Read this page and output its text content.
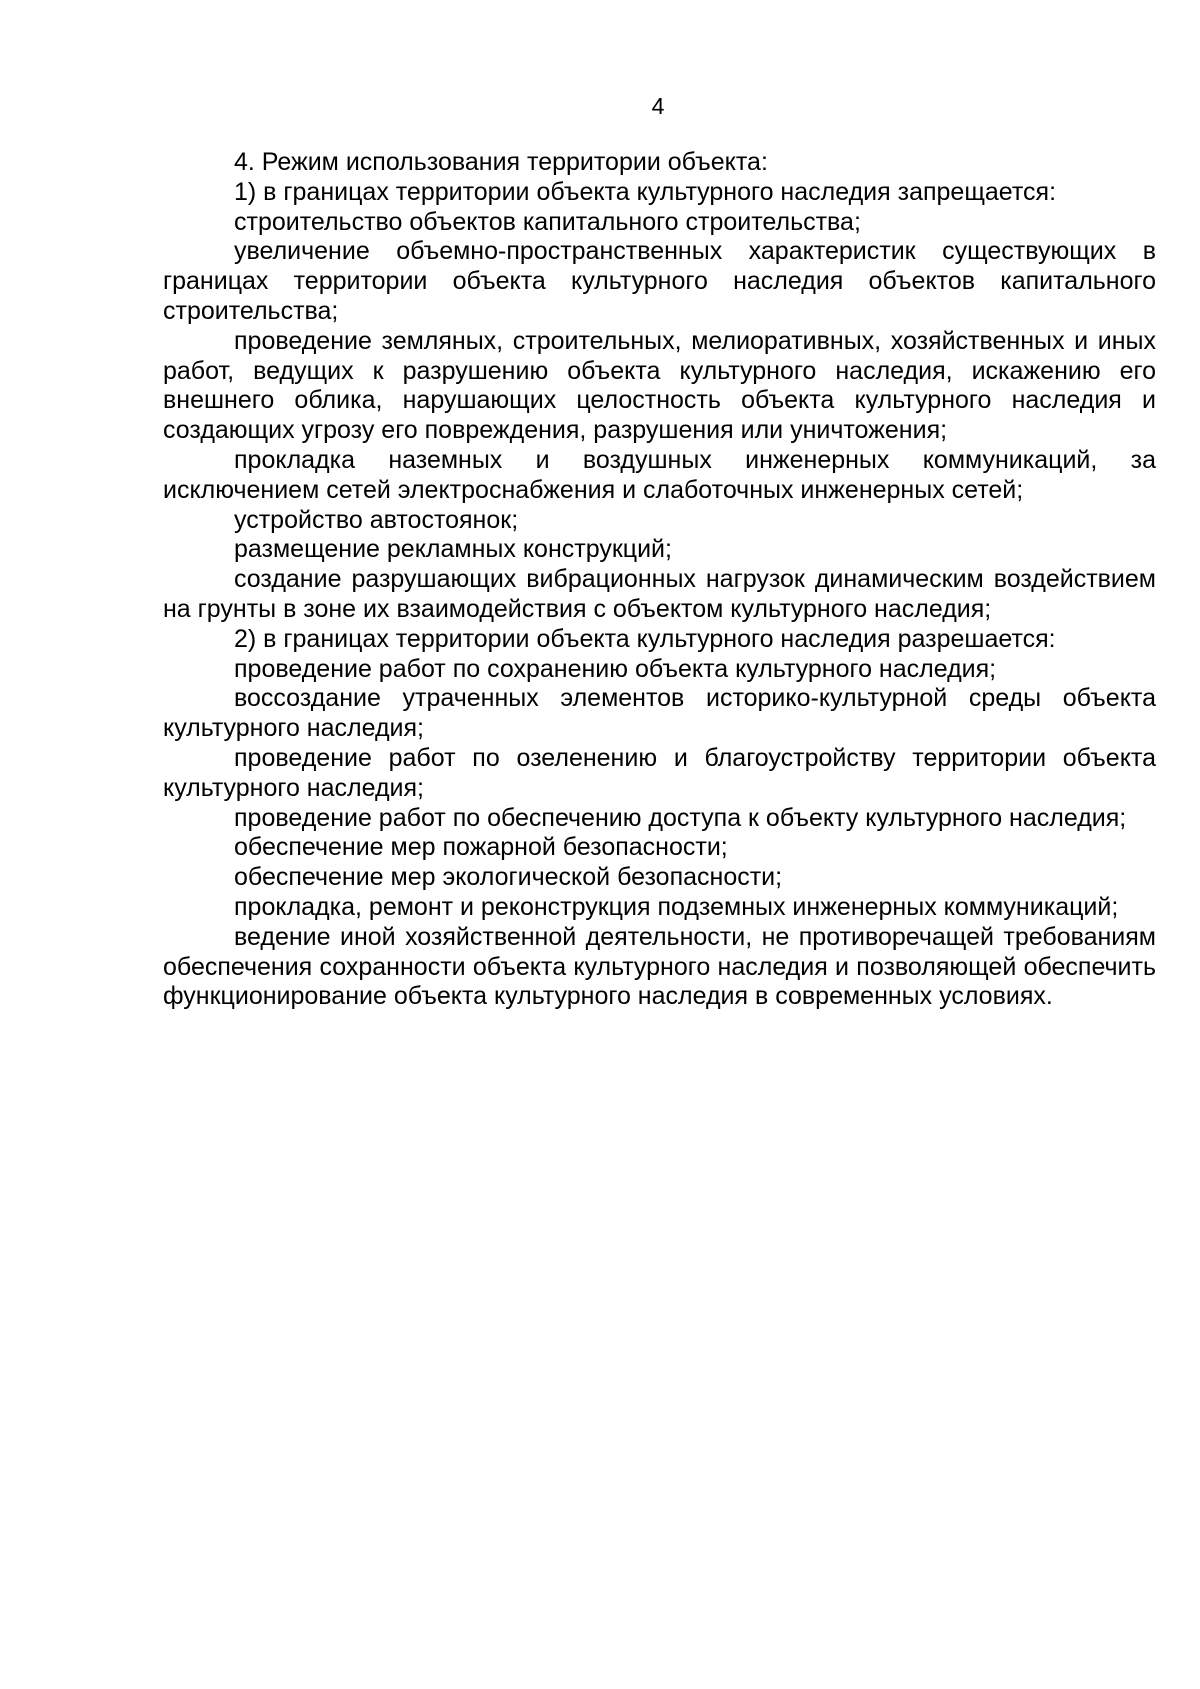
4

4. Режим использования территории объекта:

1) в границах территории объекта культурного наследия запрещается:

строительство объектов капитального строительства;

увеличение объемно-пространственных характеристик существующих в границах территории объекта культурного наследия объектов капитального строительства;

проведение земляных, строительных, мелиоративных, хозяйственных и иных работ, ведущих к разрушению объекта культурного наследия, искажению его внешнего облика, нарушающих целостность объекта культурного наследия и создающих угрозу его повреждения, разрушения или уничтожения;

прокладка наземных и воздушных инженерных коммуникаций, за исключением сетей электроснабжения и слаботочных инженерных сетей;

устройство автостоянок;

размещение рекламных конструкций;

создание разрушающих вибрационных нагрузок динамическим воздействием на грунты в зоне их взаимодействия с объектом культурного наследия;

2) в границах территории объекта культурного наследия разрешается:

проведение работ по сохранению объекта культурного наследия;

воссоздание утраченных элементов историко-культурной среды объекта культурного наследия;

проведение работ по озеленению и благоустройству территории объекта культурного наследия;

проведение работ по обеспечению доступа к объекту культурного наследия;

обеспечение мер пожарной безопасности;

обеспечение мер экологической безопасности;

прокладка, ремонт и реконструкция подземных инженерных коммуникаций;

ведение иной хозяйственной деятельности, не противоречащей требованиям обеспечения сохранности объекта культурного наследия и позволяющей обеспечить функционирование объекта культурного наследия в современных условиях.
